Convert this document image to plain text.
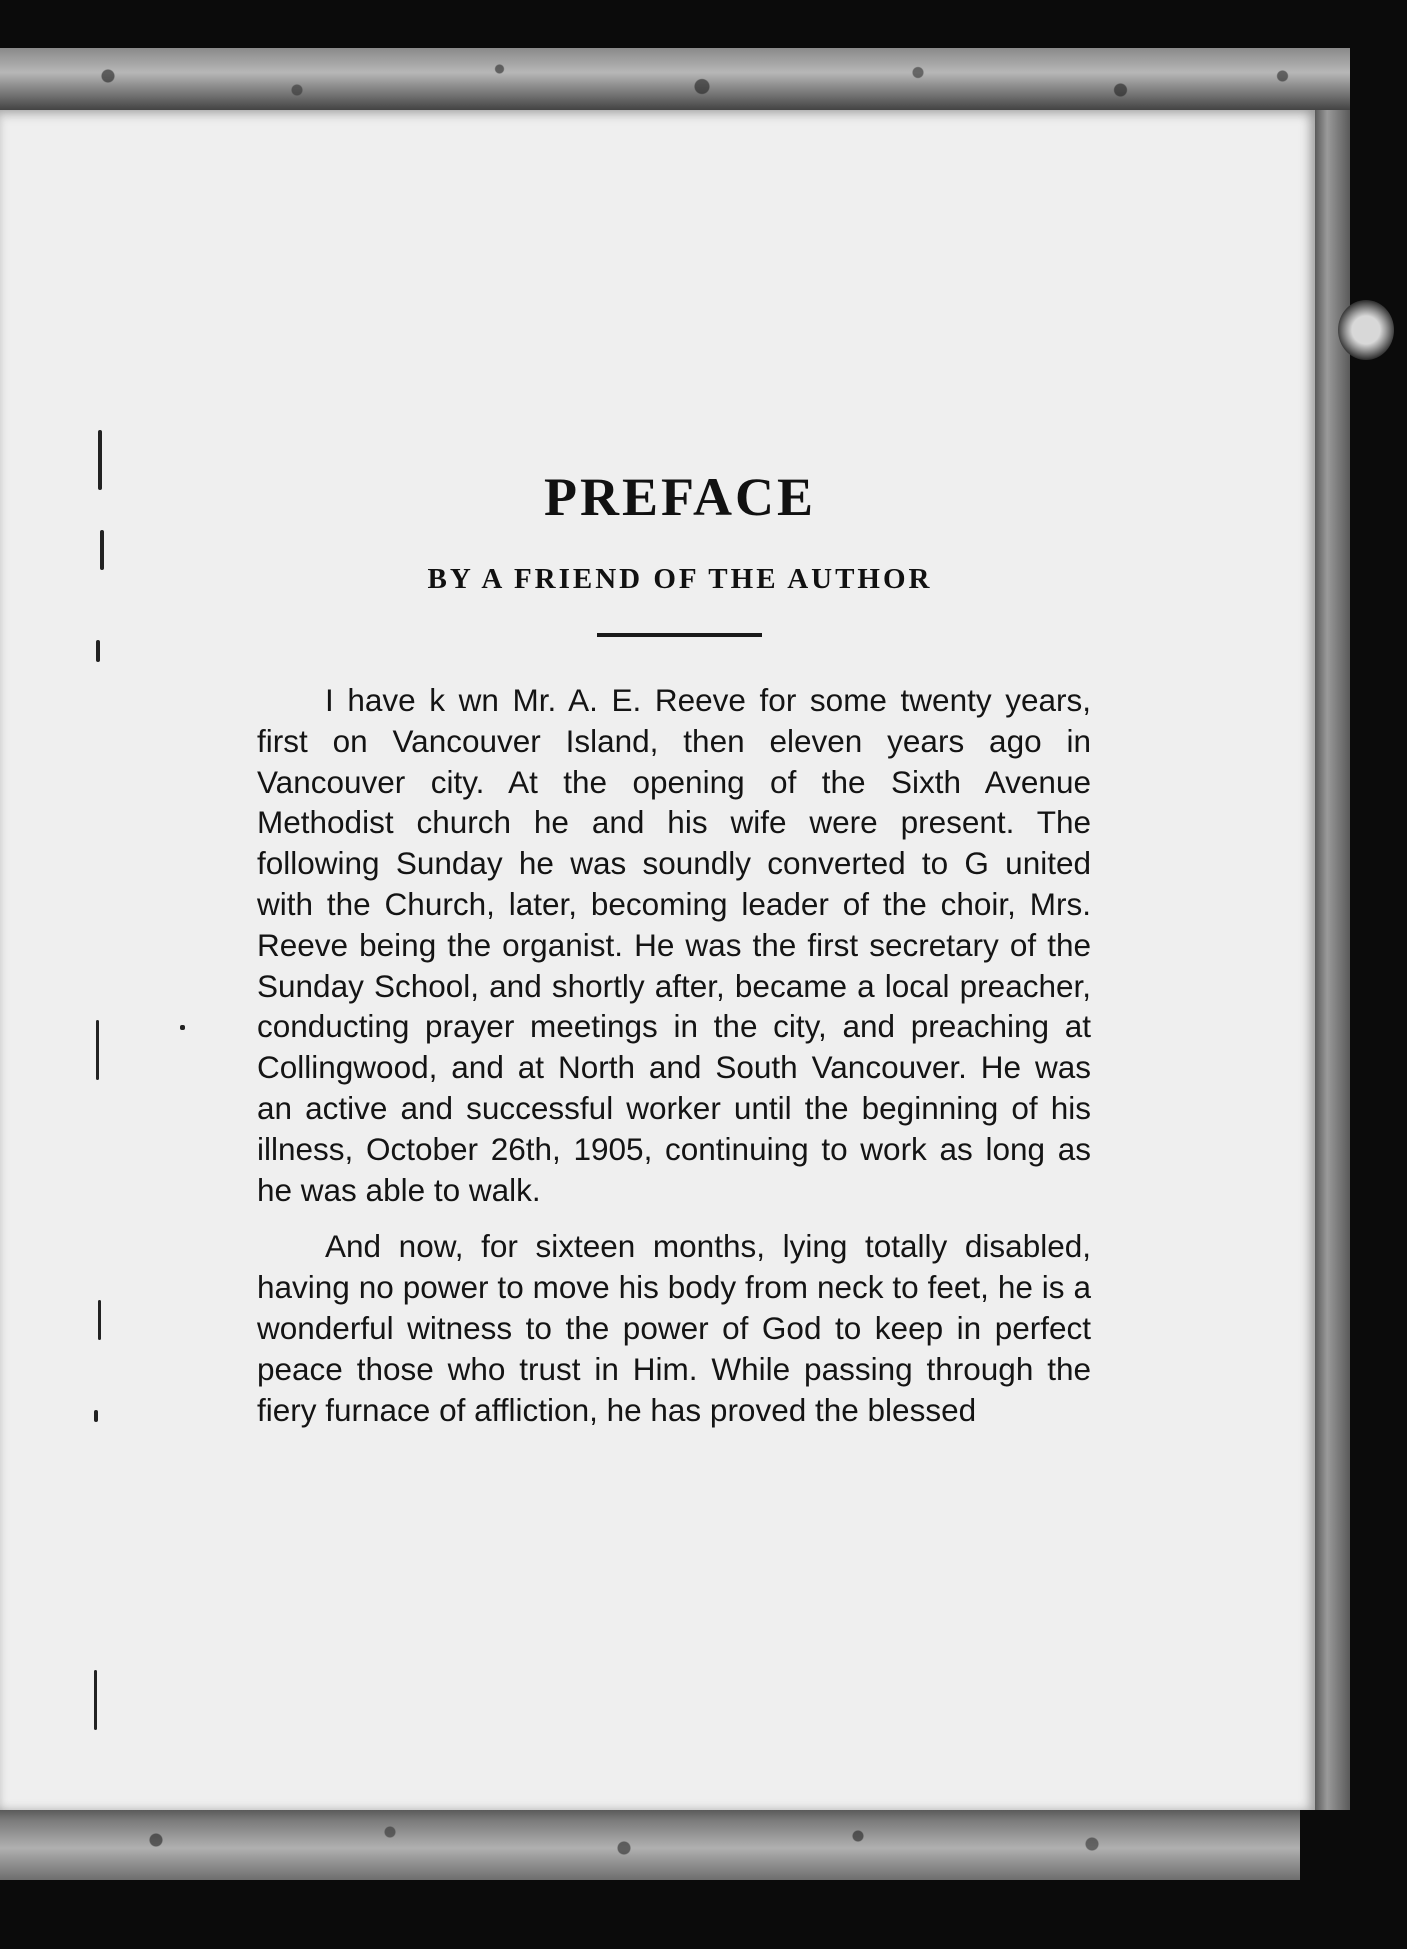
PREFACE
BY A FRIEND OF THE AUTHOR

I have k wn Mr. A. E. Reeve for some twenty years, first on Vancouver Island, then eleven years ago in Vancouver city. At the opening of the Sixth Avenue Methodist church he and his wife were present. The following Sunday he was soundly converted to G united with the Church, later, becoming leader of the choir, Mrs. Reeve being the organist. He was the first secretary of the Sunday School, and shortly after, became a local preacher, conducting prayer meetings in the city, and preaching at Collingwood, and at North and South Vancouver. He was an active and successful worker until the beginning of his illness, October 26th, 1905, continuing to work as long as he was able to walk.

And now, for sixteen months, lying totally disabled, having no power to move his body from neck to feet, he is a wonderful witness to the power of God to keep in perfect peace those who trust in Him. While passing through the fiery furnace of affliction, he has proved the blessed
